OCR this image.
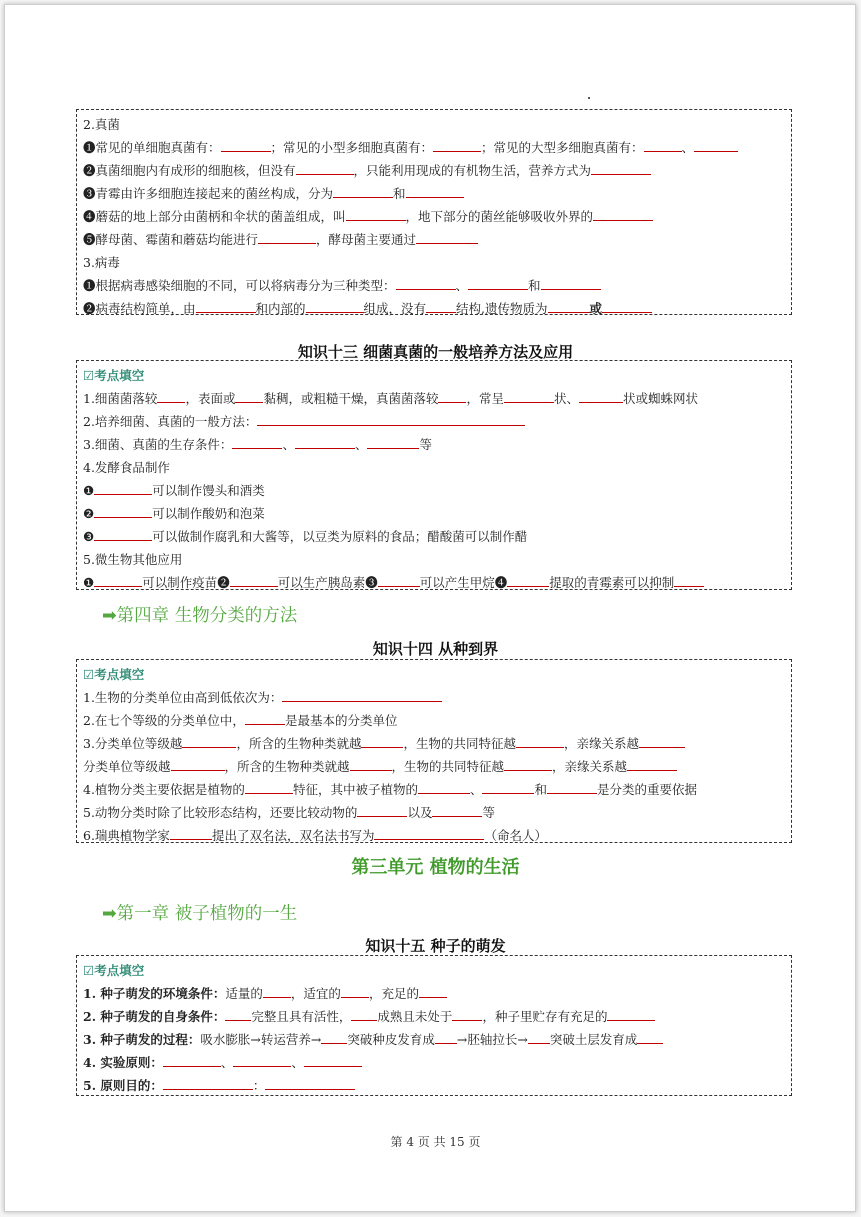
2.真菌
❶常见的单细胞真菌有：	；常见的小型多细胞真菌有：	；常见的大型多细胞真菌有：	、
❷真菌细胞内有成形的细胞核，但没有	，只能利用现成的有机物生活，营养方式为
❸青霉由许多细胞连接起来的菌丝构成，分为	和
❹蘑菇的地上部分由菌柄和伞状的菌盖组成，叫	，地下部分的菌丝能够吸收外界的
❺酵母菌、霉菌和蘑菇均能进行	，酵母菌主要通过
3.病毒
❶根据病毒感染细胞的不同，可以将病毒分为三种类型：	、	和
❷病毒结构简单，由	和内部的	组成，没有 结构,遗传物质为	或
知识十三 细菌真菌的一般培养方法及应用
☑考点填空
1.细菌菌落较 ，表面或 黏稠，或粗糙干燥，真菌菌落较 ，常呈	状、	状或蜘蛛网状
2.培养细菌、真菌的一般方法：
3.细菌、真菌的生存条件：	、	、	等
4.发酵食品制作
❶	可以制作馒头和酒类
❷	可以制作酸奶和泡菜
❸	可以做制作腐乳和大酱等，以豆类为原料的食品；醋酸菌可以制作醋
5.微生物其他应用
❶	可以制作疫苗❷	可以生产胰岛素❸	可以产生甲烷❹	提取的青霉素可以抑制
➡第四章 生物分类的方法
知识十四 从种到界
☑考点填空
1.生物的分类单位由高到低依次为：
2.在七个等级的分类单位中，	是最基本的分类单位
3.分类单位等级越	，所含的生物种类就越	，生物的共同特征越	，亲缘关系越
分类单位等级越	，所含的生物种类就越	，生物的共同特征越	，亲缘关系越
4.植物分类主要依据是植物的	特征，其中被子植物的	、	和	是分类的重要依据
5.动物分类时除了比较形态结构，还要比较动物的	以及	等
6.瑞典植物学家	提出了双名法，双名法书写为	（命名人）
第三单元 植物的生活
➡第一章 被子植物的一生
知识十五 种子的萌发
☑考点填空
1. 种子萌发的环境条件：适量的 ，适宜的 ，充足的
2. 种子萌发的自身条件： 完整且具有活性， 成熟且未处于 ，种子里贮存有充足的
3. 种子萌发的过程：吸水膨胀→转运营养→ 突破种皮发育成 →胚轴拉长→ 突破土层发育成
4. 实验原则：	、	、
5. 原则目的：	：
第 4 页 共 15 页
